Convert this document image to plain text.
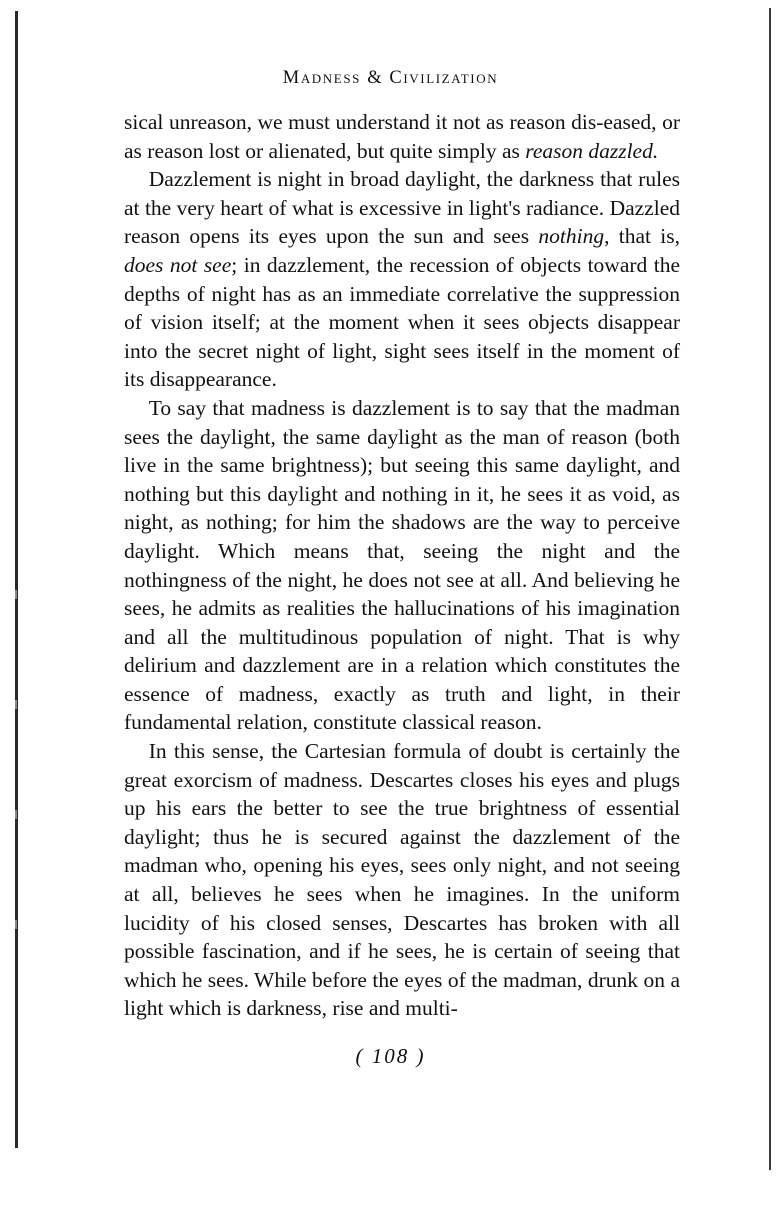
Madness & Civilization

sical unreason, we must understand it not as reason dis-eased, or as reason lost or alienated, but quite simply as reason dazzled.

Dazzlement is night in broad daylight, the darkness that rules at the very heart of what is excessive in light's radiance. Dazzled reason opens its eyes upon the sun and sees nothing, that is, does not see; in dazzlement, the recession of objects toward the depths of night has as an immediate correlative the suppression of vision itself; at the moment when it sees objects disappear into the secret night of light, sight sees itself in the moment of its disappearance.

To say that madness is dazzlement is to say that the madman sees the daylight, the same daylight as the man of reason (both live in the same brightness); but seeing this same daylight, and nothing but this daylight and nothing in it, he sees it as void, as night, as nothing; for him the shadows are the way to perceive daylight. Which means that, seeing the night and the nothingness of the night, he does not see at all. And believing he sees, he admits as realities the hallucinations of his imagination and all the multitudinous population of night. That is why delirium and dazzlement are in a relation which constitutes the essence of madness, exactly as truth and light, in their fundamental relation, constitute classical reason.

In this sense, the Cartesian formula of doubt is certainly the great exorcism of madness. Descartes closes his eyes and plugs up his ears the better to see the true brightness of essential daylight; thus he is secured against the dazzlement of the madman who, opening his eyes, sees only night, and not seeing at all, believes he sees when he imagines. In the uniform lucidity of his closed senses, Descartes has broken with all possible fascination, and if he sees, he is certain of seeing that which he sees. While before the eyes of the madman, drunk on a light which is darkness, rise and multi-

( 108 )
